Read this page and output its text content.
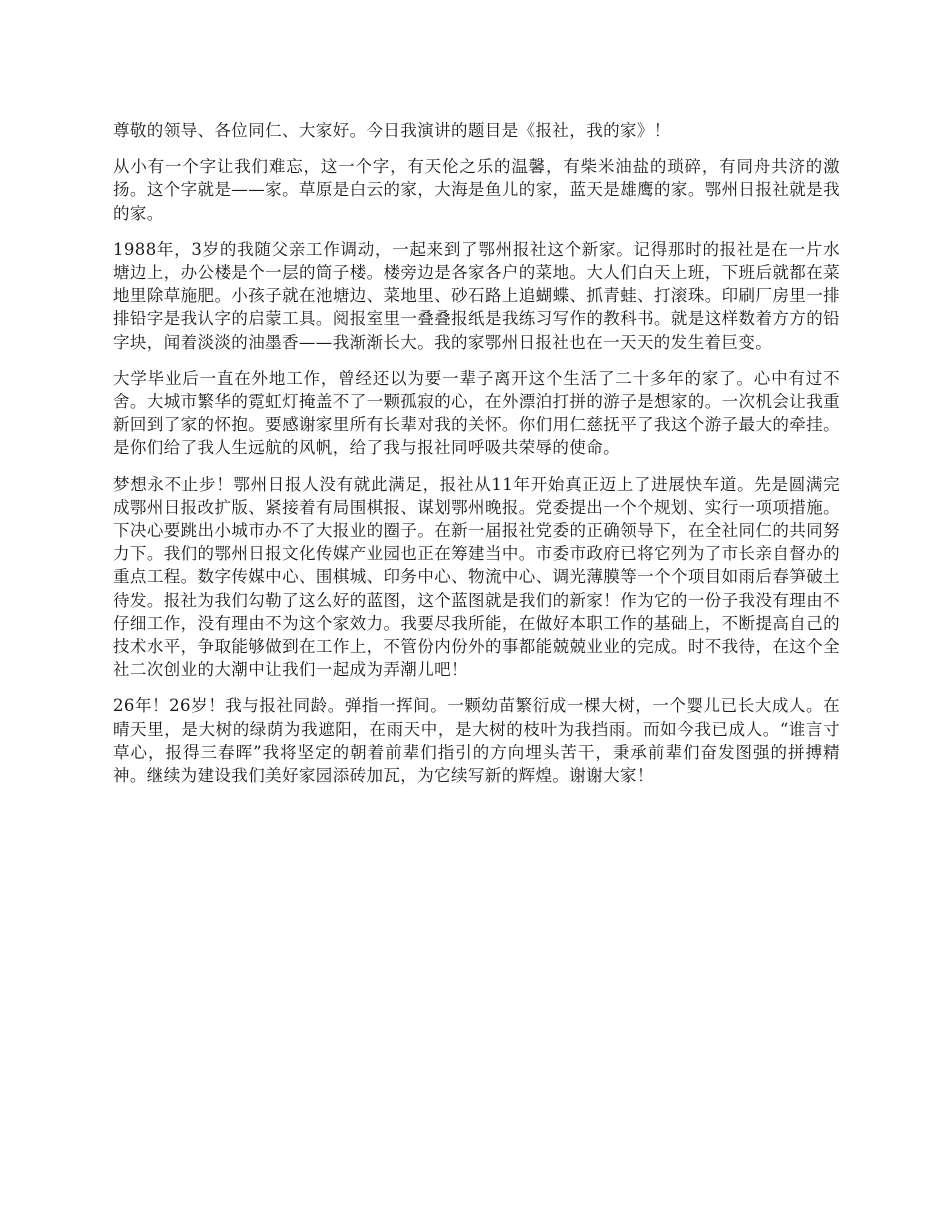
尊敬的领导、各位同仁、大家好。今日我演讲的题目是《报社，我的家》！

从小有一个字让我们难忘，这一个字，有天伦之乐的温馨，有柴米油盐的琐碎，有同舟共济的激扬。这个字就是——家。草原是白云的家，大海是鱼儿的家，蓝天是雄鹰的家。鄂州日报社就是我的家。

1988年，3岁的我随父亲工作调动，一起来到了鄂州报社这个新家。记得那时的报社是在一片水塘边上，办公楼是个一层的筒子楼。楼旁边是各家各户的菜地。大人们白天上班，下班后就都在菜地里除草施肥。小孩子就在池塘边、菜地里、砂石路上追蝴蝶、抓青蛙、打滚珠。印刷厂房里一排排铅字是我认字的启蒙工具。阅报室里一叠叠报纸是我练习写作的教科书。就是这样数着方方的铅字块，闻着淡淡的油墨香——我渐渐长大。我的家鄂州日报社也在一天天的发生着巨变。

大学毕业后一直在外地工作，曾经还以为要一辈子离开这个生活了二十多年的家了。心中有过不舍。大城市繁华的霓虹灯掩盖不了一颗孤寂的心，在外漂泊打拼的游子是想家的。一次机会让我重新回到了家的怀抱。要感谢家里所有长辈对我的关怀。你们用仁慈抚平了我这个游子最大的牵挂。是你们给了我人生远航的风帆，给了我与报社同呼吸共荣辱的使命。

梦想永不止步！鄂州日报人没有就此满足，报社从11年开始真正迈上了进展快车道。先是圆满完成鄂州日报改扩版、紧接着有局围棋报、谋划鄂州晚报。党委提出一个个规划、实行一项项措施。下决心要跳出小城市办不了大报业的圈子。在新一届报社党委的正确领导下，在全社同仁的共同努力下。我们的鄂州日报文化传媒产业园也正在筹建当中。市委市政府已将它列为了市长亲自督办的重点工程。数字传媒中心、围棋城、印务中心、物流中心、调光薄膜等一个个项目如雨后春笋破土待发。报社为我们勾勒了这么好的蓝图，这个蓝图就是我们的新家！作为它的一份子我没有理由不仔细工作，没有理由不为这个家效力。我要尽我所能，在做好本职工作的基础上，不断提高自己的技术水平，争取能够做到在工作上，不管份内份外的事都能兢兢业业的完成。时不我待，在这个全社二次创业的大潮中让我们一起成为弄潮儿吧！

26年！26岁！我与报社同龄。弹指一挥间。一颗幼苗繁衍成一棵大树，一个婴儿已长大成人。在晴天里，是大树的绿荫为我遮阳，在雨天中，是大树的枝叶为我挡雨。而如今我已成人。“谁言寸草心，报得三春晖”我将坚定的朝着前辈们指引的方向埋头苦干，秉承前辈们奋发图强的拼搏精神。继续为建设我们美好家园添砖加瓦，为它续写新的辉煌。谢谢大家！
